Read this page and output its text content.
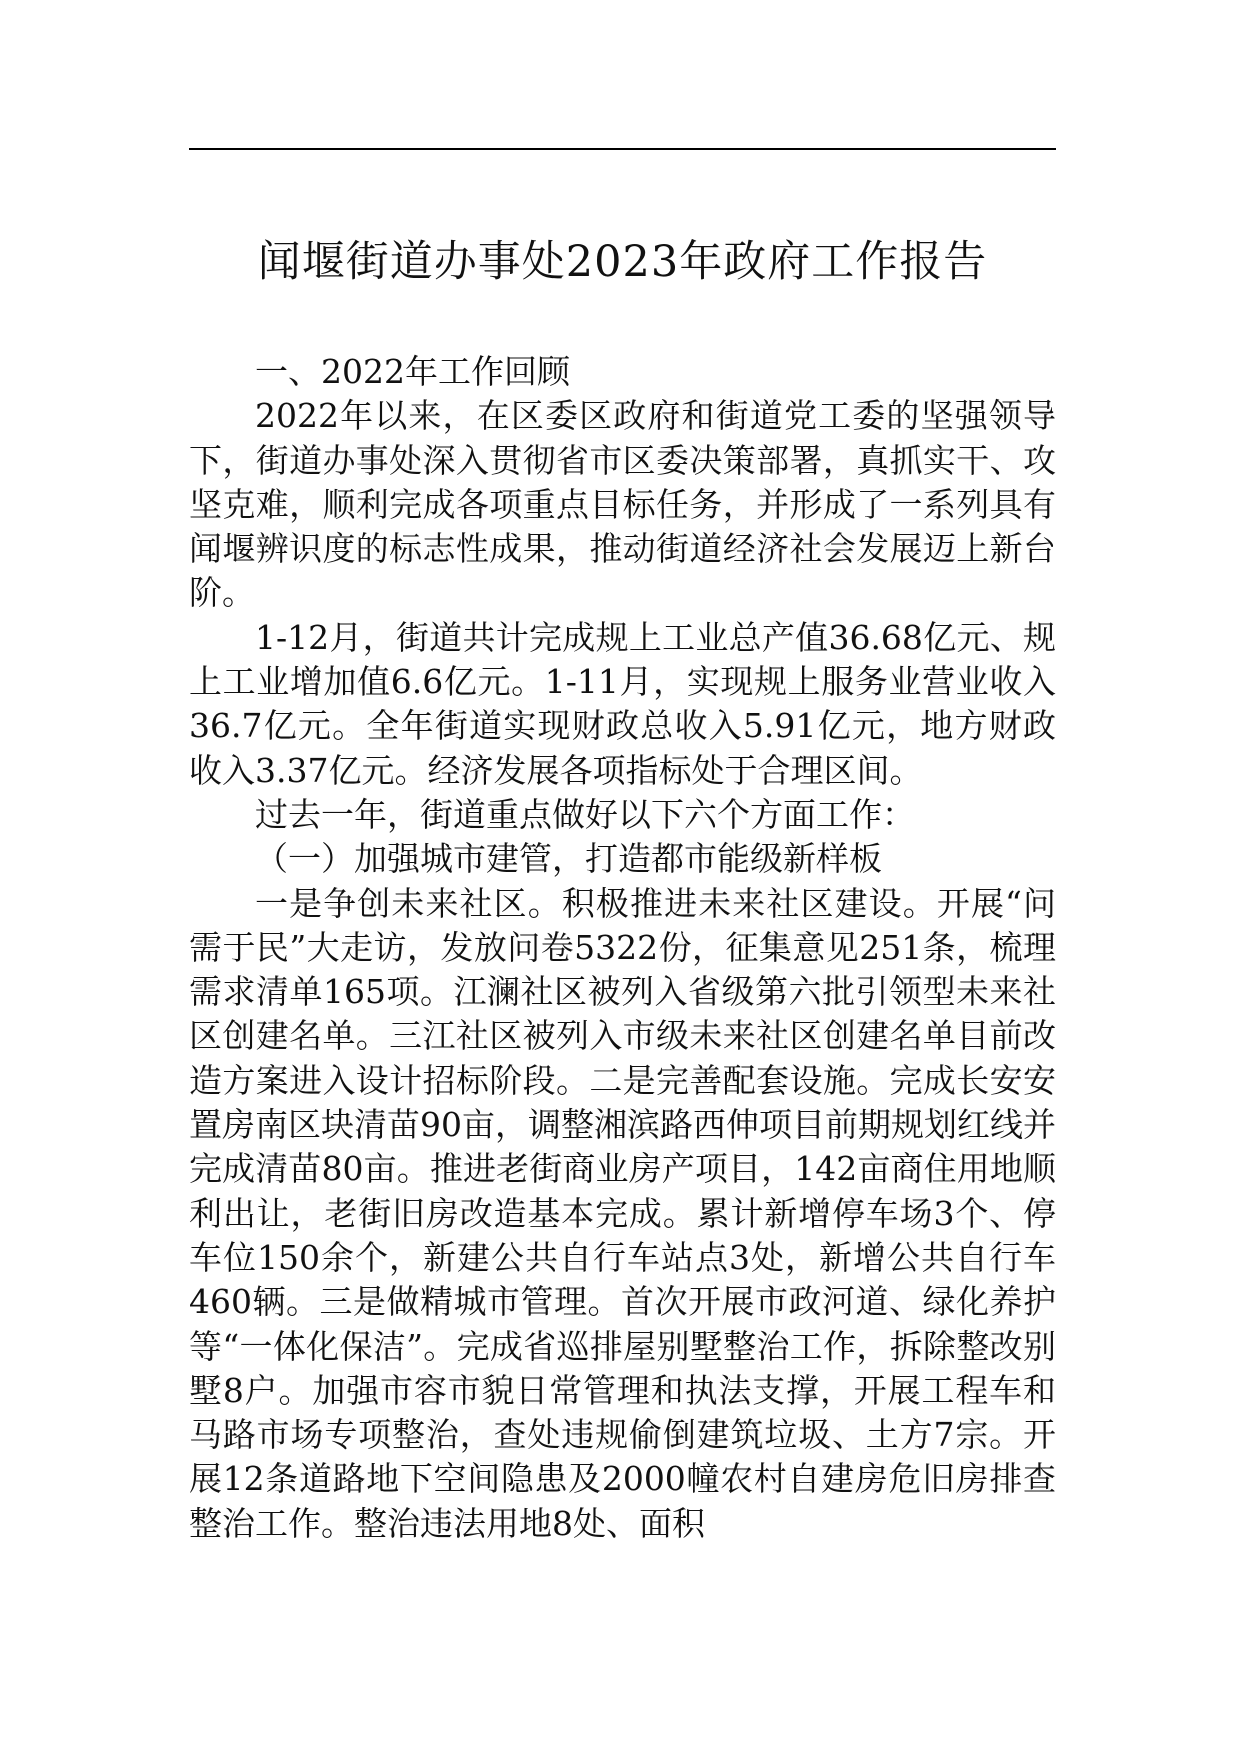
闻堰街道办事处2023年政府工作报告

一、2022年工作回顾

2022年以来，在区委区政府和街道党工委的坚强领导下，街道办事处深入贯彻省市区委决策部署，真抓实干、攻坚克难，顺利完成各项重点目标任务，并形成了一系列具有闻堰辨识度的标志性成果，推动街道经济社会发展迈上新台阶。

1-12月，街道共计完成规上工业总产值36.68亿元、规上工业增加值6.6亿元。1-11月，实现规上服务业营业收入36.7亿元。全年街道实现财政总收入5.91亿元，地方财政收入3.37亿元。经济发展各项指标处于合理区间。

过去一年，街道重点做好以下六个方面工作：

（一）加强城市建管，打造都市能级新样板

一是争创未来社区。积极推进未来社区建设。开展“问需于民”大走访，发放问卷5322份，征集意见251条，梳理需求清单165项。江澜社区被列入省级第六批引领型未来社区创建名单。三江社区被列入市级未来社区创建名单目前改造方案进入设计招标阶段。二是完善配套设施。完成长安安置房南区块清苗90亩，调整湘滨路西伸项目前期规划红线并完成清苗80亩。推进老街商业房产项目，142亩商住用地顺利出让，老街旧房改造基本完成。累计新增停车场3个、停车位150余个，新建公共自行车站点3处，新增公共自行车460辆。三是做精城市管理。首次开展市政河道、绿化养护等“一体化保洁”。完成省巡排屋别墅整治工作，拆除整改别墅8户。加强市容市貌日常管理和执法支撑，开展工程车和马路市场专项整治，查处违规偷倒建筑垃圾、土方7宗。开展12条道路地下空间隐患及2000幢农村自建房危旧房排查整治工作。整治违法用地8处、面积
